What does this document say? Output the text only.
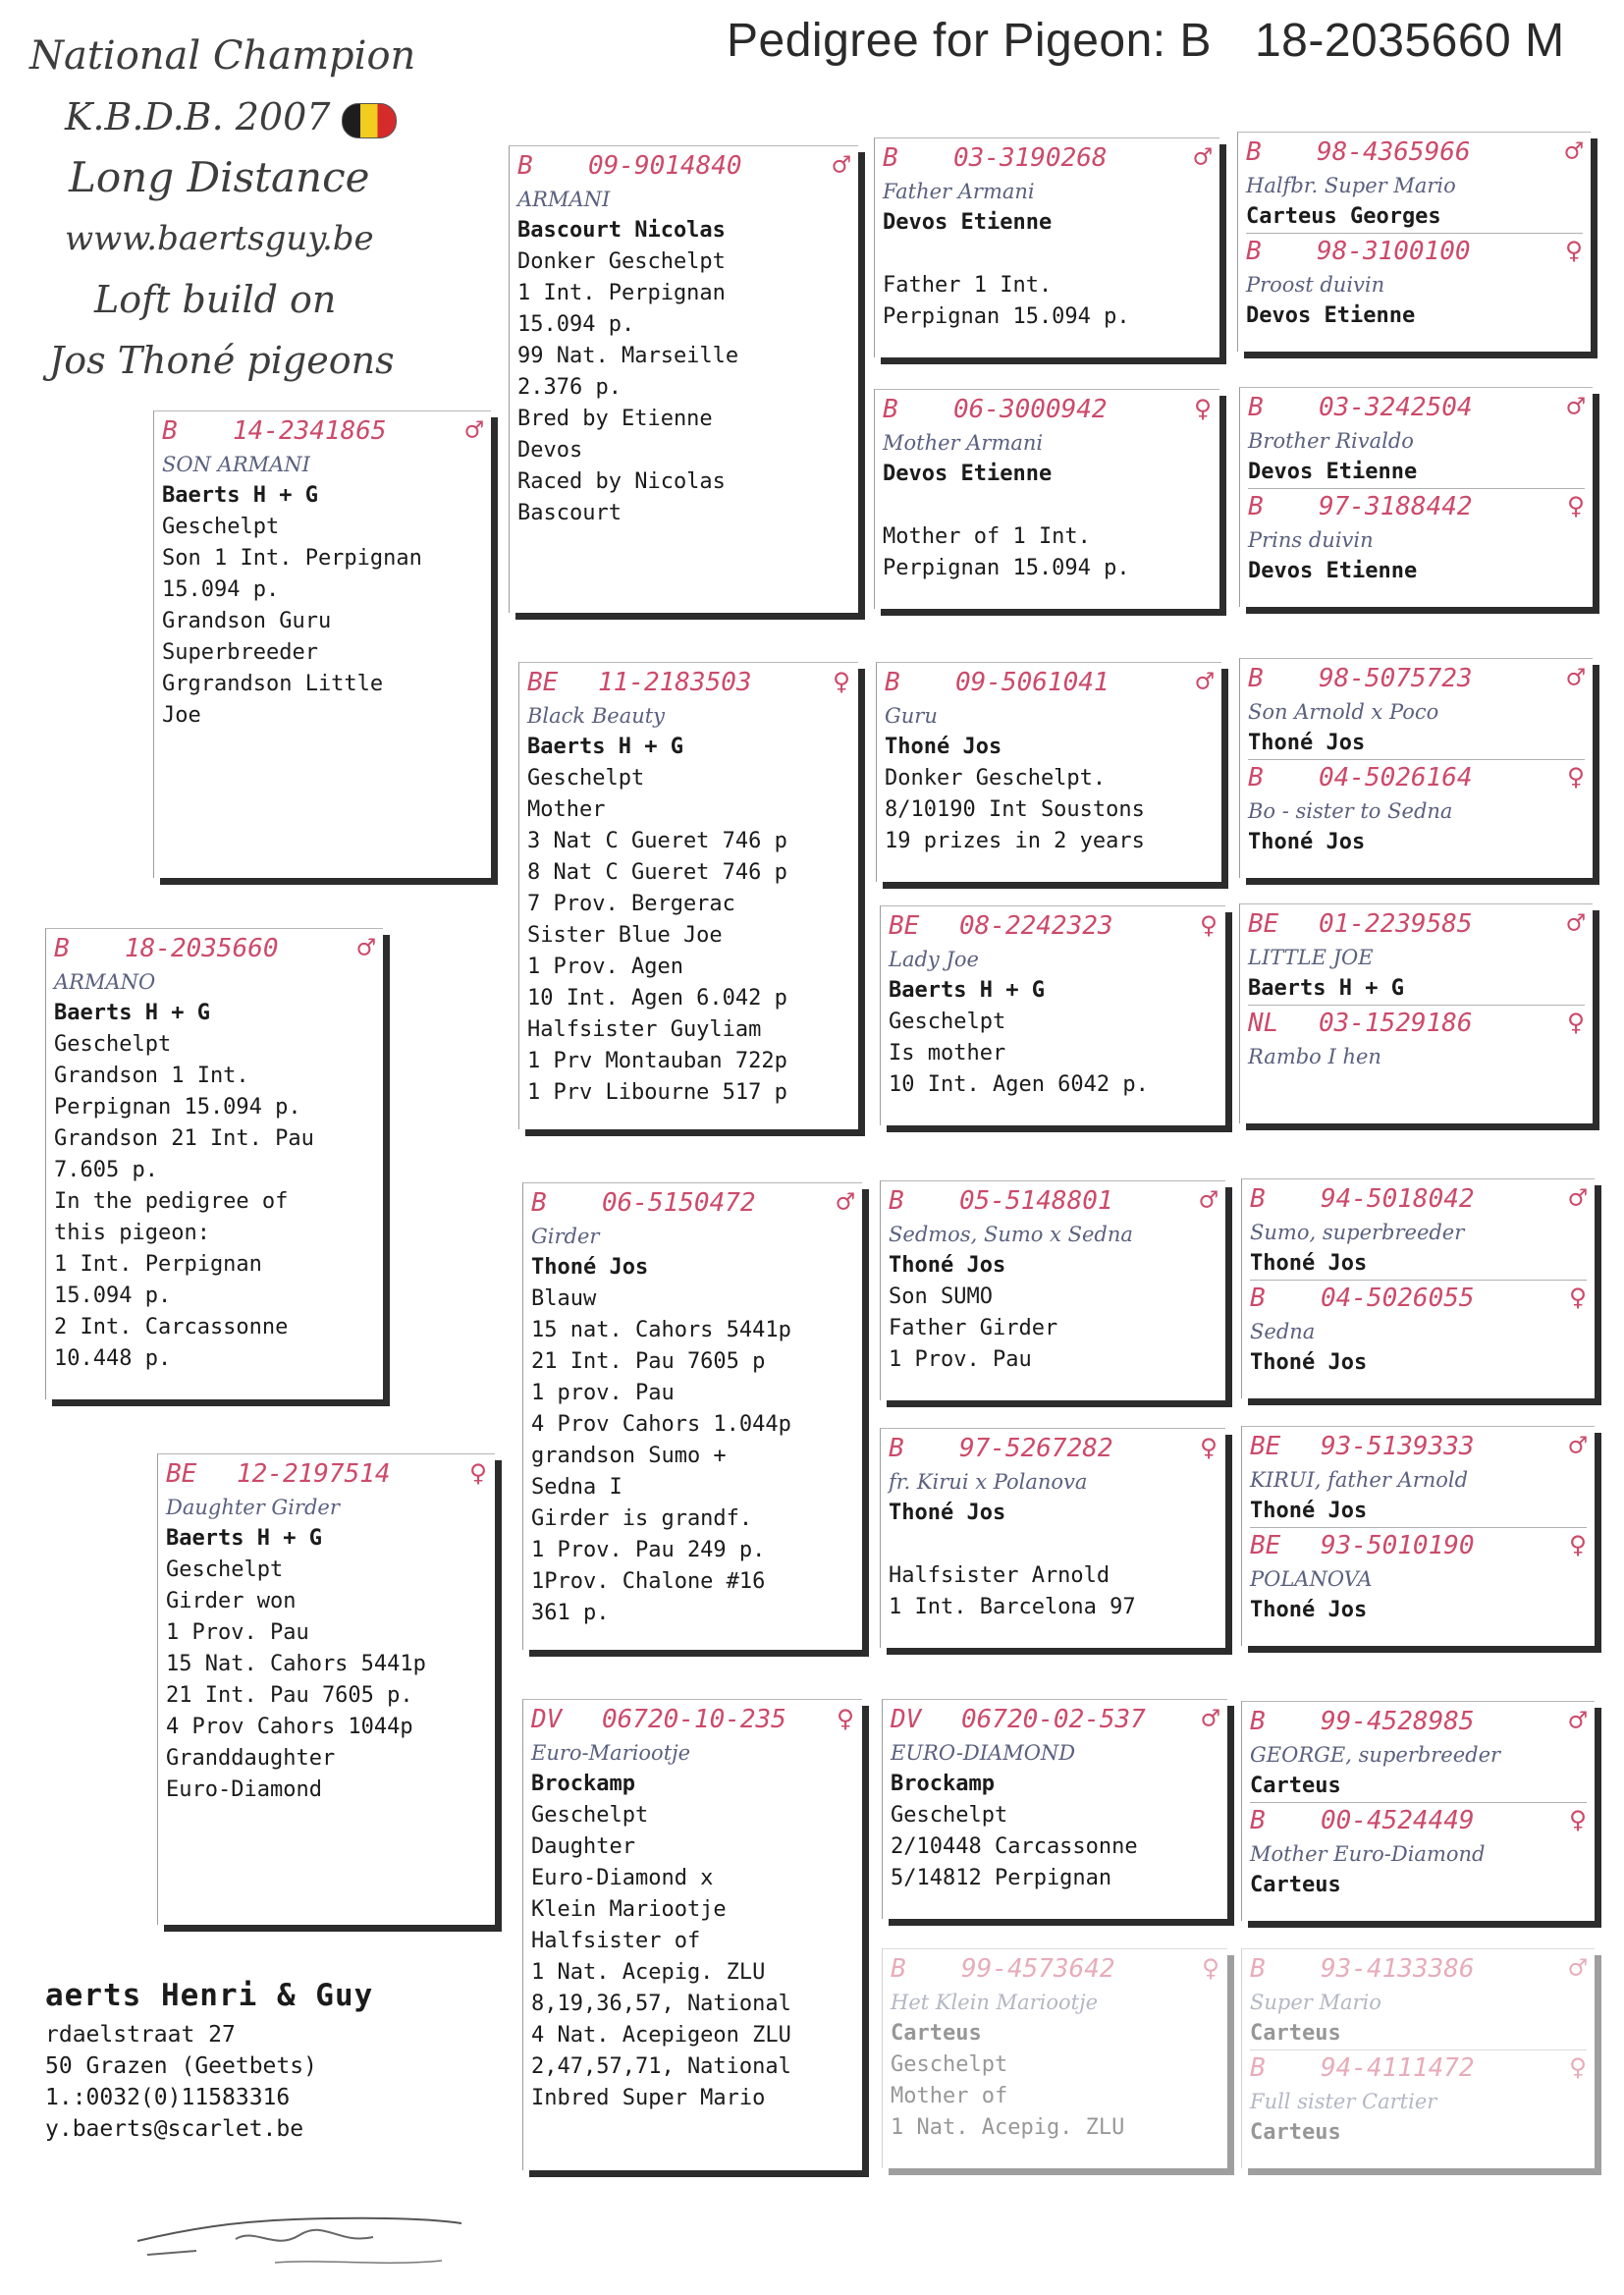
Pedigree for Pigeon: B 18-2035660 M
National Champion
K.B.D.B. 2007
Long Distance
www.baertsguy.be
Loft build on
Jos Thoné pigeons
B	18-2035660	♂
ARMANO
Baerts H + G
Geschelpt
Grandson 1 Int.
Perpignan 15.094 p.
Grandson 21 Int. Pau
7.605 p.
In the pedigree of
this pigeon:
1 Int. Perpignan
15.094 p.
2 Int. Carcassonne
10.448 p.
B	14-2341865	♂
SON ARMANI
Baerts H + G
Geschelpt
Son 1 Int. Perpignan
15.094 p.
Grandson Guru
Superbreeder
Grgrandson Little
Joe
BE	12-2197514	♀
Daughter Girder
Baerts H + G
Geschelpt
Girder won
1 Prov. Pau
15 Nat. Cahors 5441p
21 Int. Pau 7605 p.
4 Prov Cahors 1044p
Granddaughter
Euro-Diamond
B	09-9014840	♂
ARMANI
Bascourt Nicolas
Donker Geschelpt
1 Int. Perpignan
15.094 p.
99 Nat. Marseille
2.376 p.
Bred by Etienne
Devos
Raced by Nicolas
Bascourt
BE	11-2183503	♀
Black Beauty
Baerts H + G
Geschelpt
Mother
3 Nat C Gueret 746 p
8 Nat C Gueret 746 p
7 Prov. Bergerac
Sister Blue Joe
1 Prov. Agen
10 Int. Agen 6.042 p
Halfsister Guyliam
1 Prv Montauban 722p
1 Prv Libourne 517 p
B	06-5150472	♂
Girder
Thoné Jos
Blauw
15 nat. Cahors 5441p
21 Int. Pau 7605 p
1 prov. Pau
4 Prov Cahors 1.044p
grandson Sumo +
Sedna I
Girder is grandf.
1 Prov. Pau 249 p.
1Prov. Chalone #16
361 p.
DV	06720-10-235	♀
Euro-Mariootje
Brockamp
Geschelpt
Daughter
Euro-Diamond x
Klein Mariootje
Halfsister of
1 Nat. Acepig. ZLU
8,19,36,57, National
4 Nat. Acepigeon ZLU
2,47,57,71, National
Inbred Super Mario
B	03-3190268	♂
Father Armani
Devos Etienne

Father 1 Int.
Perpignan 15.094 p.
B	06-3000942	♀
Mother Armani
Devos Etienne

Mother of 1 Int.
Perpignan 15.094 p.
B	09-5061041	♂
Guru
Thoné Jos
Donker Geschelpt.
8/10190 Int Soustons
19 prizes in 2 years
BE	08-2242323	♀
Lady Joe
Baerts H + G
Geschelpt
Is mother
10 Int. Agen 6042 p.
B	05-5148801	♂
Sedmos, Sumo x Sedna
Thoné Jos
Son SUMO
Father Girder
1 Prov. Pau
B	97-5267282	♀
fr. Kirui x Polanova
Thoné Jos

Halfsister Arnold
1 Int. Barcelona 97
DV	06720-02-537	♂
EURO-DIAMOND
Brockamp
Geschelpt
2/10448 Carcassonne
5/14812 Perpignan
B	99-4573642	♀
Het Klein Mariootje
Carteus
Geschelpt
Mother of
1 Nat. Acepig. ZLU
B	98-4365966	♂
Halfbr. Super Mario
Carteus Georges
B	98-3100100	♀
Proost duivin
Devos Etienne
B	03-3242504	♂
Brother Rivaldo
Devos Etienne
B	97-3188442	♀
Prins duivin
Devos Etienne
B	98-5075723	♂
Son Arnold x Poco
Thoné Jos
B	04-5026164	♀
Bo - sister to Sedna
Thoné Jos
BE	01-2239585	♂
LITTLE JOE
Baerts H + G
NL	03-1529186	♀
Rambo I hen
B	94-5018042	♂
Sumo, superbreeder
Thoné Jos
B	04-5026055	♀
Sedna
Thoné Jos
BE	93-5139333	♂
KIRUI, father Arnold
Thoné Jos
BE	93-5010190	♀
POLANOVA
Thoné Jos
B	99-4528985	♂
GEORGE, superbreeder
Carteus
B	00-4524449	♀
Mother Euro-Diamond
Carteus
B	93-4133386	♂
Super Mario
Carteus
B	94-4111472	♀
Full sister Cartier
Carteus
aerts Henri & Guy
rdaelstraat 27
50 Grazen (Geetbets)
1.:0032(0)11583316
y.baerts@scarlet.be
